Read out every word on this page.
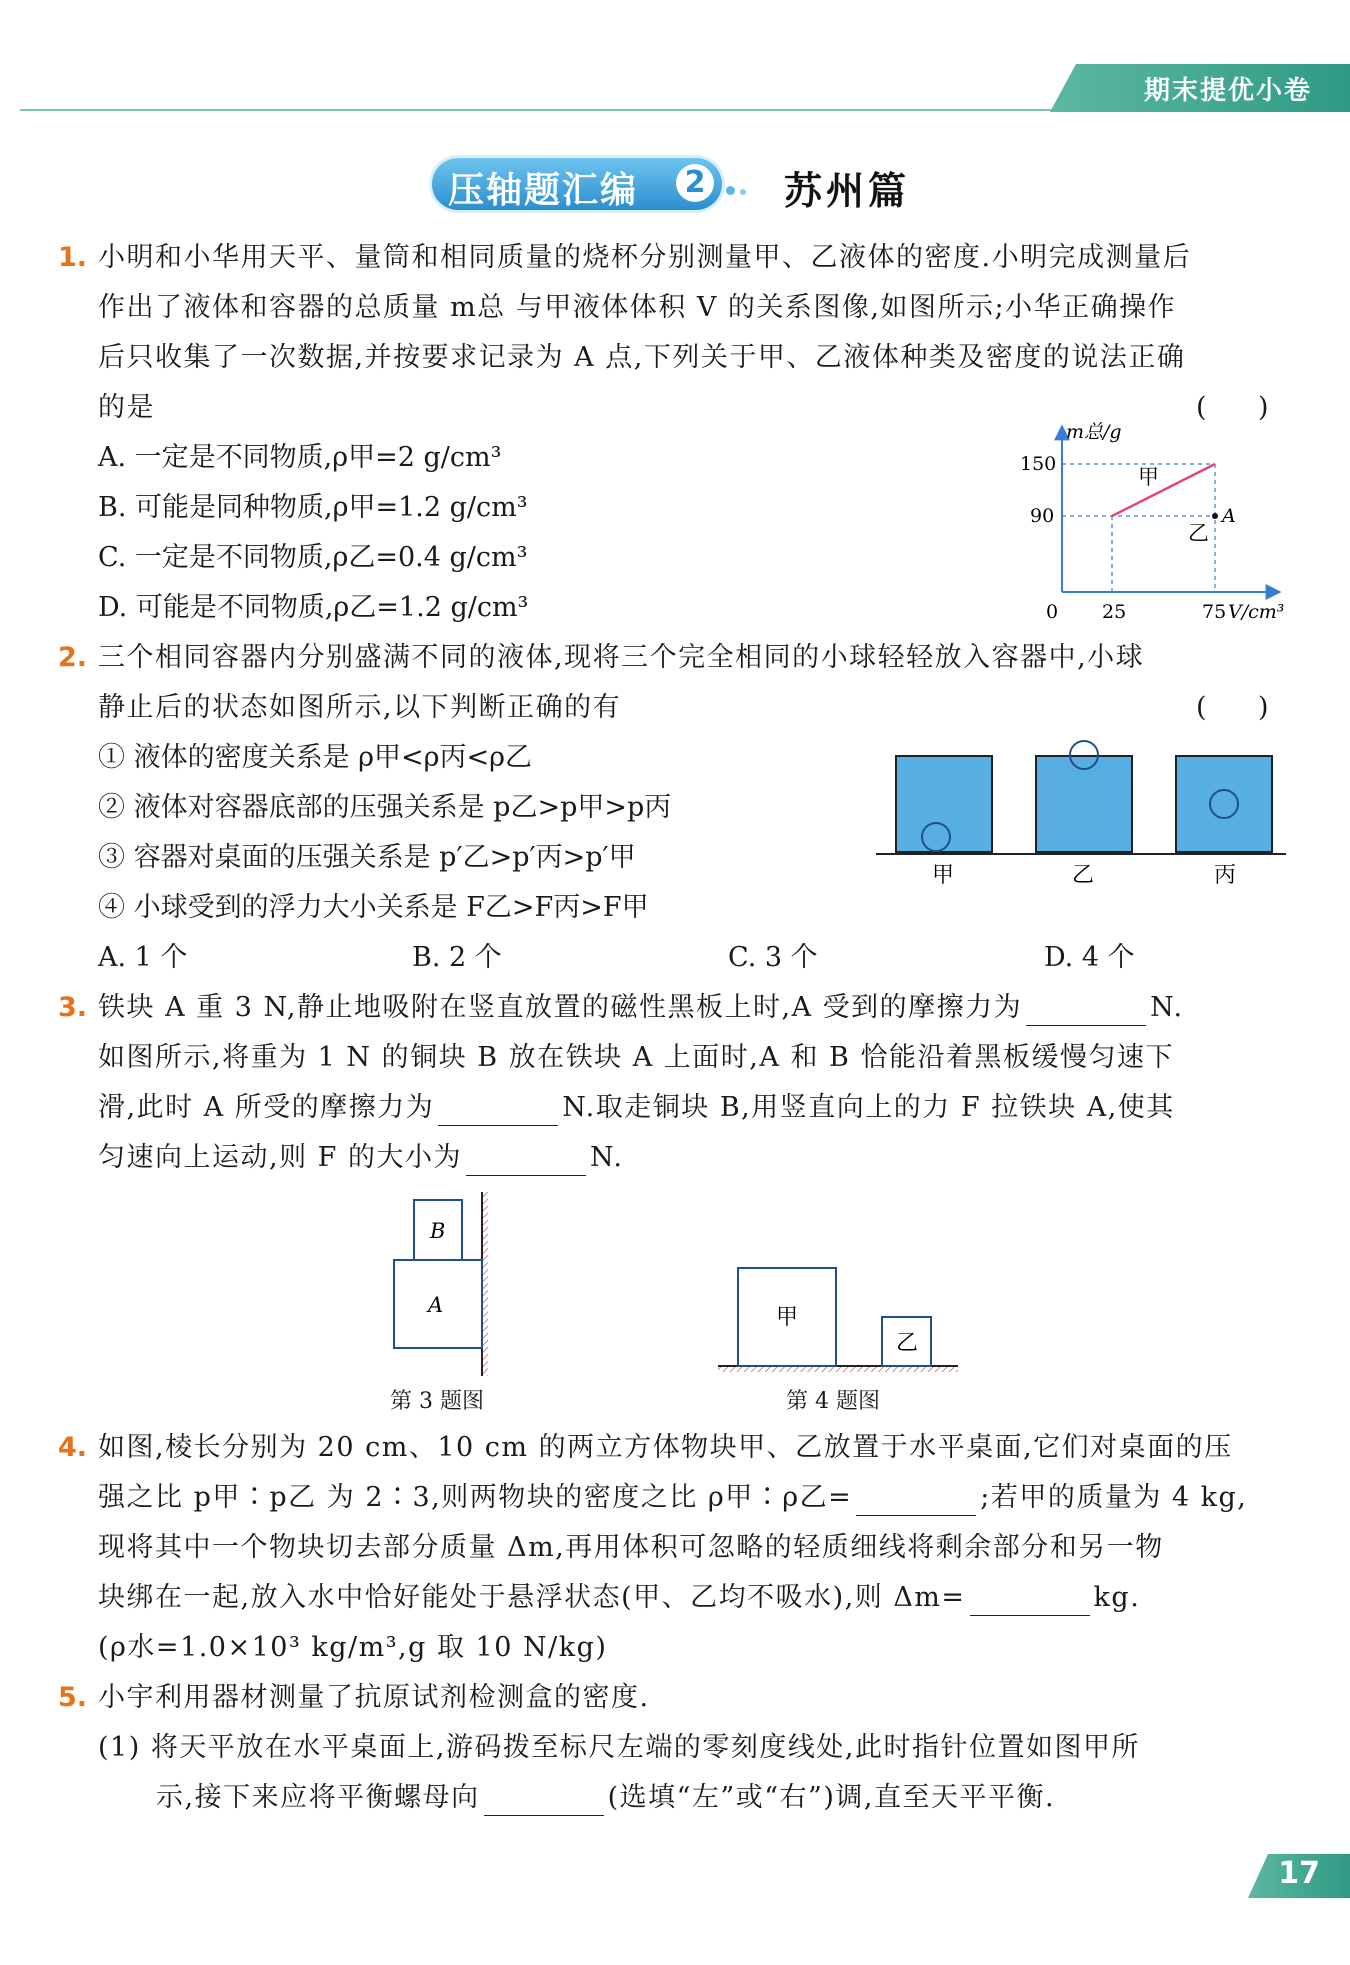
期末提优小卷
压轴题汇编 2 苏州篇
1. 小明和小华用天平、量筒和相同质量的烧杯分别测量甲、乙液体的密度.小明完成测量后
作出了液体和容器的总质量 m总 与甲液体体积 V 的关系图像,如图所示;小华正确操作
后只收集了一次数据,并按要求记录为 A 点,下列关于甲、乙液体种类及密度的说法正确
的是	(      )
A. 一定是不同物质,ρ甲=2 g/cm³
B. 可能是同种物质,ρ甲=1.2 g/cm³
C. 一定是不同物质,ρ乙=0.4 g/cm³
D. 可能是不同物质,ρ乙=1.2 g/cm³
m总/g
150
90
0 25	75 V/cm³
甲
乙
A
2. 三个相同容器内分别盛满不同的液体,现将三个完全相同的小球轻轻放入容器中,小球
静止后的状态如图所示,以下判断正确的有	(      )
① 液体的密度关系是 ρ甲<ρ丙<ρ乙
② 液体对容器底部的压强关系是 p乙>p甲>p丙
③ 容器对桌面的压强关系是 p′乙>p′丙>p′甲
④ 小球受到的浮力大小关系是 F乙>F丙>F甲
A. 1 个	B. 2 个	C. 3 个	D. 4 个
甲	乙	丙
3. 铁块 A 重 3 N,静止地吸附在竖直放置的磁性黑板上时,A 受到的摩擦力为	N.
如图所示,将重为 1 N 的铜块 B 放在铁块 A 上面时,A 和 B 恰能沿着黑板缓慢匀速下
滑,此时 A 所受的摩擦力为	N.取走铜块 B,用竖直向上的力 F 拉铁块 A,使其
匀速向上运动,则 F 的大小为	N.
B
A
第 3 题图
甲
乙
第 4 题图
4. 如图,棱长分别为 20 cm、10 cm 的两立方体物块甲、乙放置于水平桌面,它们对桌面的压
强之比 p甲∶p乙 为 2∶3,则两物块的密度之比 ρ甲∶ρ乙=	;若甲的质量为 4 kg,
现将其中一个物块切去部分质量 Δm,再用体积可忽略的轻质细线将剩余部分和另一物
块绑在一起,放入水中恰好能处于悬浮状态(甲、乙均不吸水),则 Δm=	kg.
(ρ水=1.0×10³ kg/m³,g 取 10 N/kg)
5. 小宇利用器材测量了抗原试剂检测盒的密度.
(1) 将天平放在水平桌面上,游码拨至标尺左端的零刻度线处,此时指针位置如图甲所
示,接下来应将平衡螺母向	(选填“左”或“右”)调,直至天平平衡.
17
